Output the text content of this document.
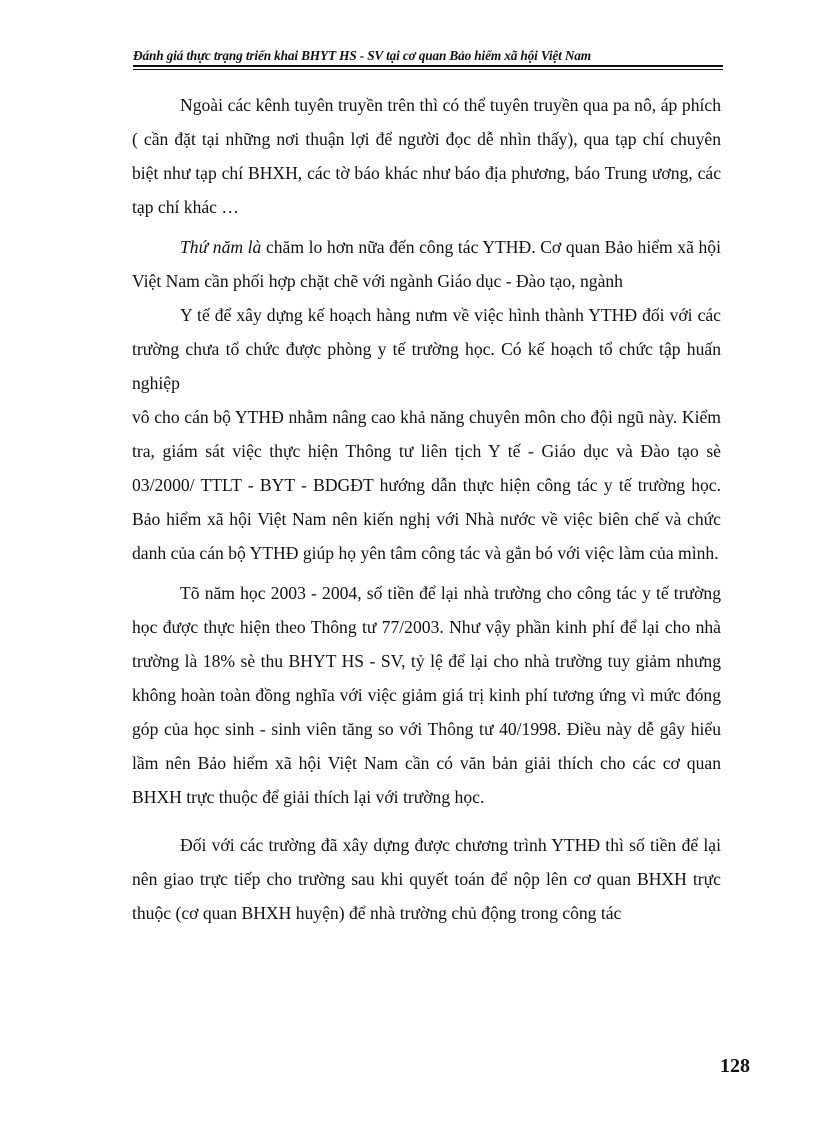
Đánh giá thực trạng triển khai BHYT HS - SV tại cơ quan Bảo hiểm xã hội Việt Nam

Ngoài các kênh tuyên truyền trên thì có thể tuyên truyền qua pa nô, áp phích ( cần đặt tại những nơi thuận lợi để người đọc dễ nhìn thấy), qua tạp chí chuyên biệt như tạp chí BHXH, các tờ báo khác như báo địa phương, báo Trung ương, các tạp chí khác …

Thứ năm là chăm lo hơn nữa đến công tác YTHĐ. Cơ quan Bảo hiểm xã hội Việt Nam cần phối hợp chặt chẽ với ngành Giáo dục - Đào tạo, ngành

Y tế để xây dựng kế hoạch hàng nưm về việc hình thành YTHĐ đối với các trường chưa tổ chức được phòng y tế trường học. Có kế hoạch tổ chức tập huấn nghiệp

vô cho cán bộ YTHĐ nhằm nâng cao khả năng chuyên môn cho đội ngũ này. Kiểm tra, giám sát việc thực hiện Thông tư liên tịch Y tế - Giáo dục và Đào tạo sè 03/2000/ TTLT - BYT - BDGĐT hướng dẫn thực hiện công tác y tế trường học. Bảo hiểm xã hội Việt Nam nên kiến nghị với Nhà nước về việc biên chế và chức danh của cán bộ YTHĐ giúp họ yên tâm công tác và gắn bó với việc làm của mình.

Tõ năm học 2003 - 2004, số tiền để lại nhà trường cho công tác y tế trường học được thực hiện theo Thông tư 77/2003. Như vậy phần kinh phí để lại cho nhà trường là 18% sè thu BHYT HS - SV, tỷ lệ để lại cho nhà trường tuy giảm nhưng không hoàn toàn đồng nghĩa với việc giảm giá trị kinh phí tương ứng vì mức đóng góp của học sinh - sinh viên tăng so với Thông tư 40/1998. Điều này dễ gây hiểu lầm nên Bảo hiểm xã hội Việt Nam cần có văn bản giải thích cho các cơ quan BHXH trực thuộc để giải thích lại với trường học.

Đối với các trường đã xây dựng được chương trình YTHĐ thì số tiền để lại nên giao trực tiếp cho trường sau khi quyết toán để nộp lên cơ quan BHXH trực thuộc (cơ quan BHXH huyện) để nhà trường chủ động trong công tác

128
